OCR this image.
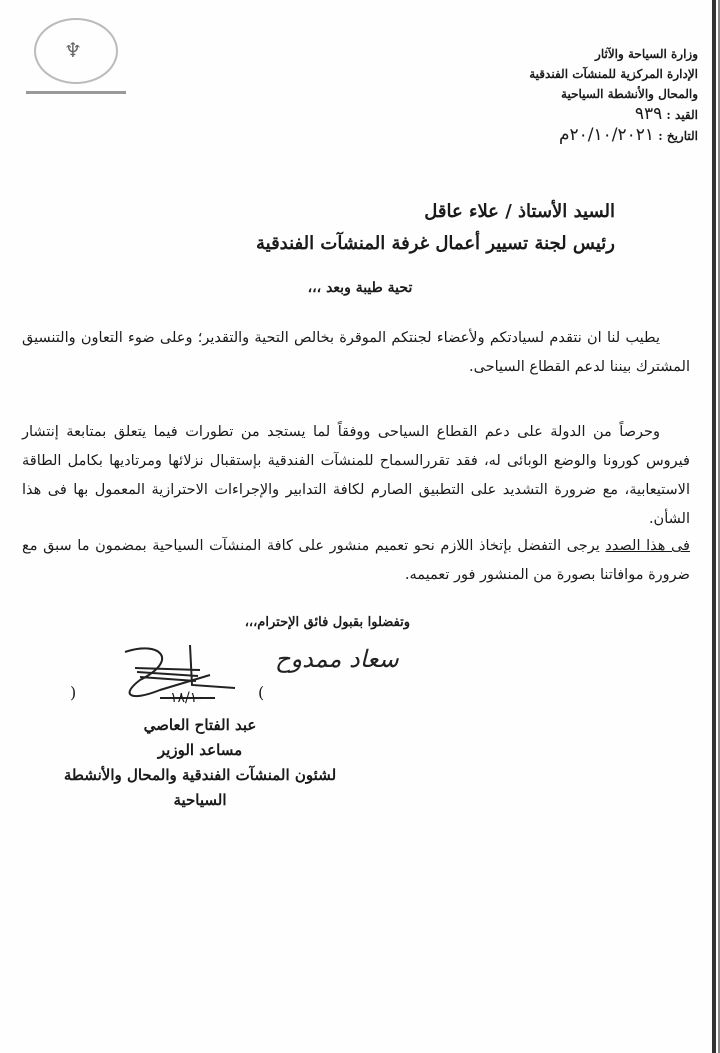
♆	وزارة السياحة والآثار
الإدارة المركزية للمنشآت الفندقية
والمحال والأنشطة السياحية
القيد : ٩٣٩
التاريخ : ٢٠/١٠/٢٠٢١م
السيد الأستاذ / علاء عاقل
رئيس لجنة تسيير أعمال غرفة المنشآت الفندقية
تحية طيبة وبعد ،،،
يطيب لنا ان نتقدم لسيادتكم ولأعضاء لجنتكم الموقرة بخالص التحية والتقدير؛ وعلى ضوء التعاون والتنسيق المشترك بيننا لدعم القطاع السياحى.
وحرصاً من الدولة على دعم القطاع السياحى ووفقاً لما يستجد من تطورات فيما يتعلق بمتابعة إنتشار فيروس كورونا والوضع الوبائى له، فقد تقررالسماح للمنشآت الفندقية بإستقبال نزلائها ومرتاديها بكامل الطاقة الاستيعابية، مع ضرورة التشديد على التطبيق الصارم لكافة التدابير والإجراءات الاحترازية المعمول بها فى هذا الشأن.
فى هذا الصدد يرجى التفضل بإتخاذ اللازم نحو تعميم منشور على كافة المنشآت السياحية بمضمون ما سبق مع ضرورة موافاتنا بصورة من المنشور فور تعميمه.
وتفضلوا بقبول فائق الإحترام،،،
سعاد ممدوح
(	)
١٨/١٠
عبد الفتاح العاصي
مساعد الوزير
لشئون المنشآت الفندقية والمحال والأنشطة السياحية
